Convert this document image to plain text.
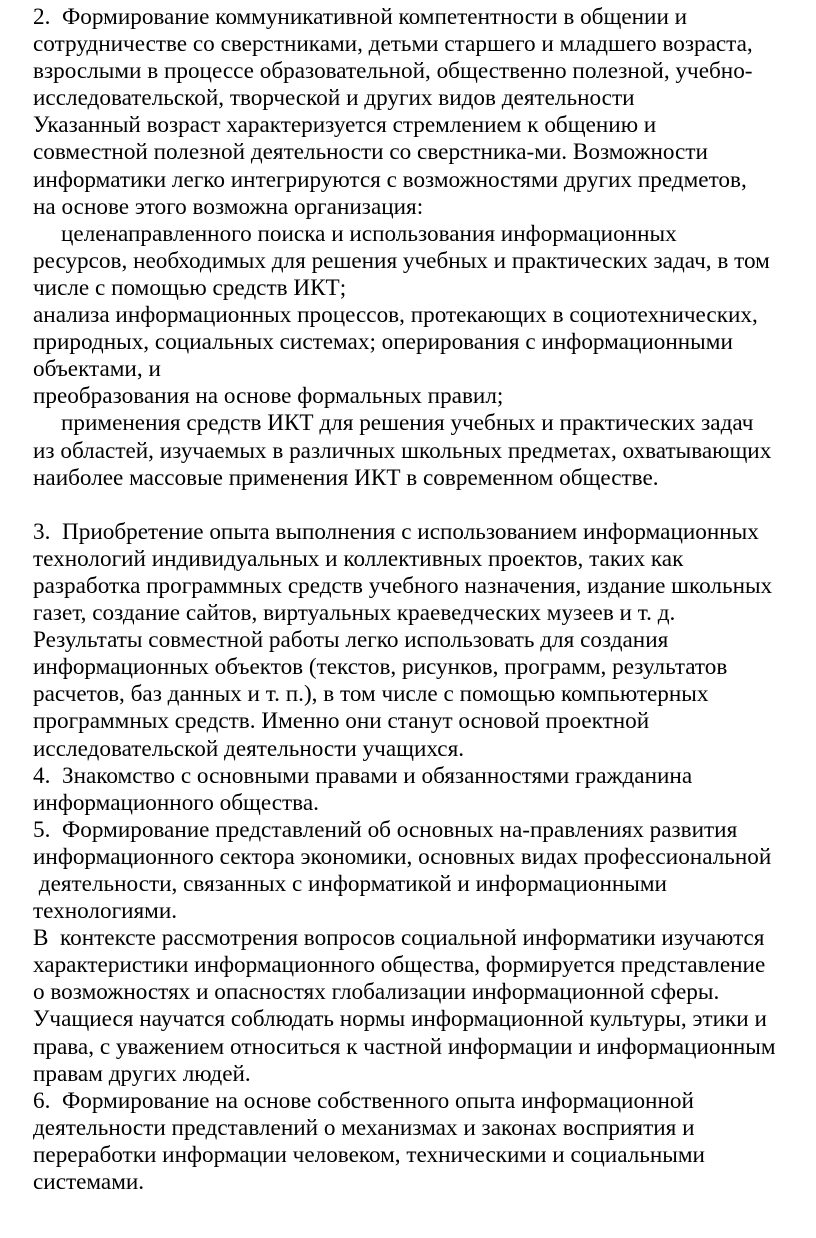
2.  Формирование коммуникативной компетентности в общении и
сотрудничестве со сверстниками, детьми старшего и младшего возраста,
взрослыми в процессе образовательной, общественно полезной, учебно-
исследовательской, творческой и других видов деятельности
Указанный возраст характеризуется стремлением к общению и
совместной полезной деятельности со сверстника-ми. Возможности
информатики легко интегрируются с возможностями других предметов,
на основе этого возможна организация:
целенаправленного поиска и использования информационных
ресурсов, необходимых для решения учебных и практических задач, в том
числе с помощью средств ИКТ;
анализа информационных процессов, протекающих в социотехнических,
природных, социальных системах; оперирования с информационными
объектами, и
преобразования на основе формальных правил;
применения средств ИКТ для решения учебных и практических задач
из областей, изучаемых в различных школьных предметах, охватывающих
наиболее массовые применения ИКТ в современном обществе.
3.  Приобретение опыта выполнения с использованием информационных
технологий индивидуальных и коллективных проектов, таких как
разработка программных средств учебного назначения, издание школьных
газет, создание сайтов, виртуальных краеведческих музеев и т. д.
Результаты совместной работы легко использовать для создания
информационных объектов (текстов, рисунков, программ, результатов
расчетов, баз данных и т. п.), в том числе с помощью компьютерных
программных средств. Именно они станут основой проектной
исследовательской деятельности учащихся.
4.  Знакомство с основными правами и обязанностями гражданина
информационного общества.
5.  Формирование представлений об основных на-правлениях развития
информационного сектора экономики, основных видах профессиональной
деятельности, связанных с информатикой и информационными
технологиями.
В  контексте рассмотрения вопросов социальной информатики изучаются
характеристики информационного общества, формируется представление
о возможностях и опасностях глобализации информационной сферы.
Учащиеся научатся соблюдать нормы информационной культуры, этики и
права, с уважением относиться к частной информации и информационным
правам других людей.
6.  Формирование на основе собственного опыта информационной
деятельности представлений о механизмах и законах восприятия и
переработки информации человеком, техническими и социальными
системами.
